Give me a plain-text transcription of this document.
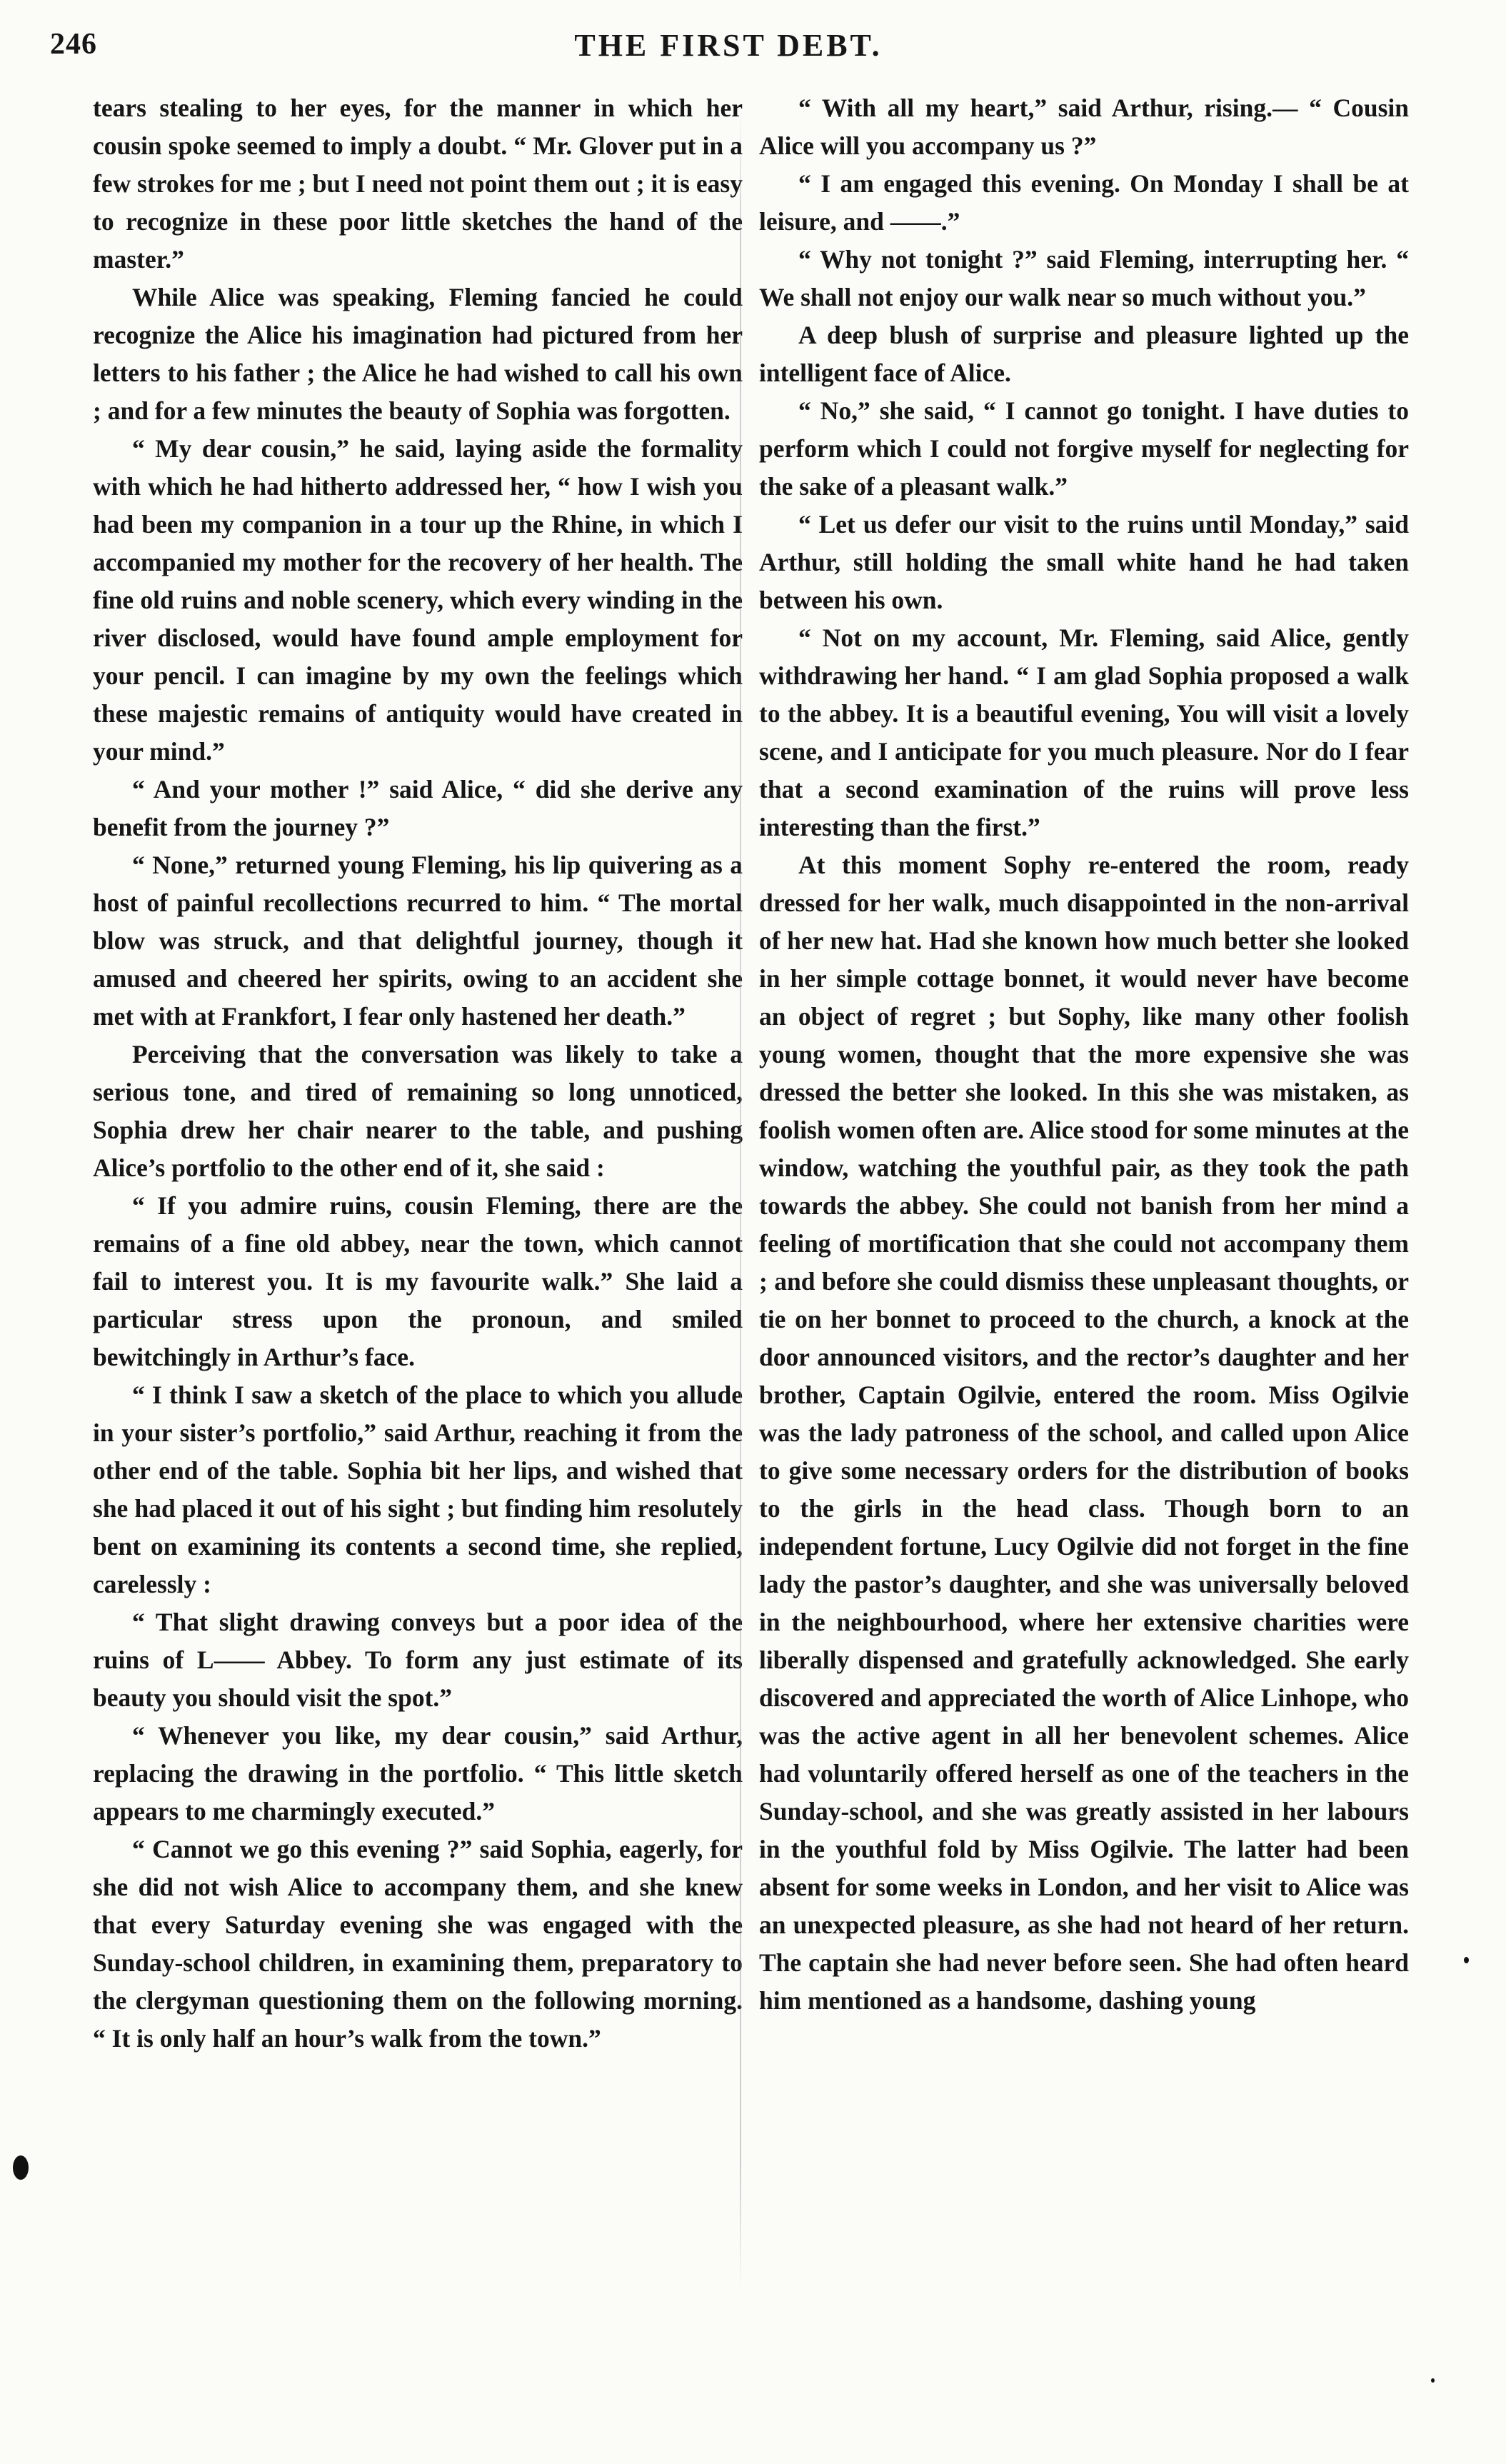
246	THE FIRST DEBT.

tears stealing to her eyes, for the manner in which her cousin spoke seemed to imply a doubt. “ Mr. Glover put in a few strokes for me ; but I need not point them out ; it is easy to recognize in these poor little sketches the hand of the master.”

While Alice was speaking, Fleming fancied he could recognize the Alice his imagination had pictured from her letters to his father ; the Alice he had wished to call his own ; and for a few minutes the beauty of Sophia was forgotten.

“ My dear cousin,” he said, laying aside the formality with which he had hitherto addressed her, “ how I wish you had been my companion in a tour up the Rhine, in which I accompanied my mother for the recovery of her health. The fine old ruins and noble scenery, which every winding in the river disclosed, would have found ample employment for your pencil. I can imagine by my own the feelings which these majestic remains of antiquity would have created in your mind.”

“ And your mother !” said Alice, “ did she derive any benefit from the journey ?”

“ None,” returned young Fleming, his lip quivering as a host of painful recollections recurred to him. “ The mortal blow was struck, and that delightful journey, though it amused and cheered her spirits, owing to an accident she met with at Frankfort, I fear only hastened her death.”

Perceiving that the conversation was likely to take a serious tone, and tired of remaining so long unnoticed, Sophia drew her chair nearer to the table, and pushing Alice’s portfolio to the other end of it, she said :

“ If you admire ruins, cousin Fleming, there are the remains of a fine old abbey, near the town, which cannot fail to interest you. It is my favourite walk.” She laid a particular stress upon the pronoun, and smiled bewitchingly in Arthur’s face.

“ I think I saw a sketch of the place to which you allude in your sister’s portfolio,” said Arthur, reaching it from the other end of the table. Sophia bit her lips, and wished that she had placed it out of his sight ; but finding him resolutely bent on examining its contents a second time, she replied, carelessly :

“ That slight drawing conveys but a poor idea of the ruins of L—— Abbey. To form any just estimate of its beauty you should visit the spot.”

“ Whenever you like, my dear cousin,” said Arthur, replacing the drawing in the portfolio. “ This little sketch appears to me charmingly executed.”

“ Cannot we go this evening ?” said Sophia, eagerly, for she did not wish Alice to accompany them, and she knew that every Saturday evening she was engaged with the Sunday-school children, in examining them, preparatory to the clergyman questioning them on the following morning. “ It is only half an hour’s walk from the town.”

“ With all my heart,” said Arthur, rising.— “ Cousin Alice will you accompany us ?”

“ I am engaged this evening. On Monday I shall be at leisure, and ——.”

“ Why not tonight ?” said Fleming, interrupting her. “ We shall not enjoy our walk near so much without you.”

A deep blush of surprise and pleasure lighted up the intelligent face of Alice.

“ No,” she said, “ I cannot go tonight. I have duties to perform which I could not forgive myself for neglecting for the sake of a pleasant walk.”

“ Let us defer our visit to the ruins until Monday,” said Arthur, still holding the small white hand he had taken between his own.

“ Not on my account, Mr. Fleming, said Alice, gently withdrawing her hand. “ I am glad Sophia proposed a walk to the abbey. It is a beautiful evening, You will visit a lovely scene, and I anticipate for you much pleasure. Nor do I fear that a second examination of the ruins will prove less interesting than the first.”

At this moment Sophy re-entered the room, ready dressed for her walk, much disappointed in the non-arrival of her new hat. Had she known how much better she looked in her simple cottage bonnet, it would never have become an object of regret ; but Sophy, like many other foolish young women, thought that the more expensive she was dressed the better she looked. In this she was mistaken, as foolish women often are. Alice stood for some minutes at the window, watching the youthful pair, as they took the path towards the abbey. She could not banish from her mind a feeling of mortification that she could not accompany them ; and before she could dismiss these unpleasant thoughts, or tie on her bonnet to proceed to the church, a knock at the door announced visitors, and the rector’s daughter and her brother, Captain Ogilvie, entered the room. Miss Ogilvie was the lady patroness of the school, and called upon Alice to give some necessary orders for the distribution of books to the girls in the head class. Though born to an independent fortune, Lucy Ogilvie did not forget in the fine lady the pastor’s daughter, and she was universally beloved in the neighbourhood, where her extensive charities were liberally dispensed and gratefully acknowledged. She early discovered and appreciated the worth of Alice Linhope, who was the active agent in all her benevolent schemes. Alice had voluntarily offered herself as one of the teachers in the Sunday-school, and she was greatly assisted in her labours in the youthful fold by Miss Ogilvie. The latter had been absent for some weeks in London, and her visit to Alice was an unexpected pleasure, as she had not heard of her return. The captain she had never before seen. She had often heard him mentioned as a handsome, dashing young
